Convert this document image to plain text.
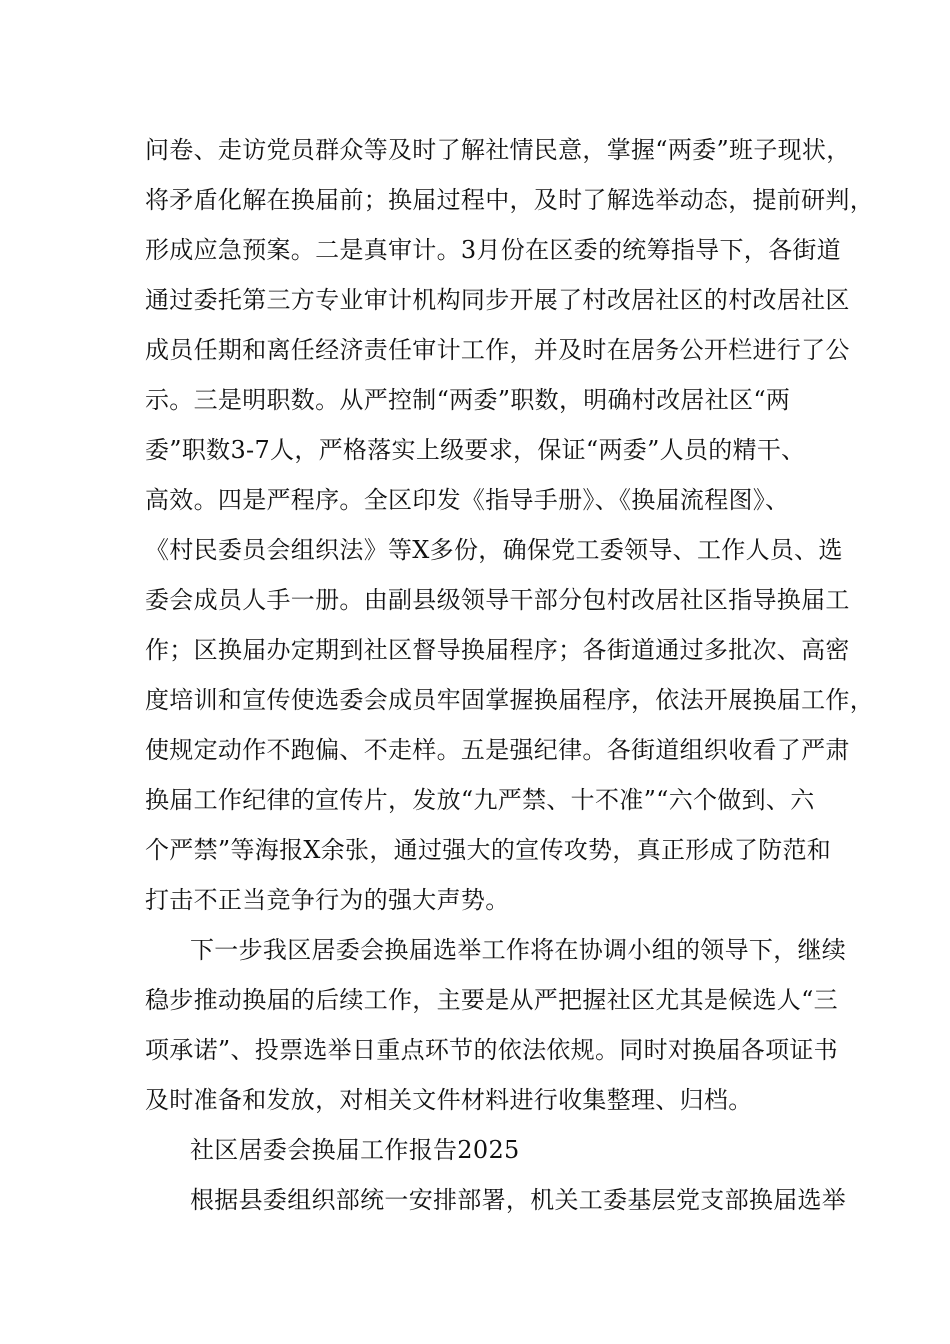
问卷、走访党员群众等及时了解社情民意，掌握“两委”班子现状，
将矛盾化解在换届前；换届过程中，及时了解选举动态，提前研判，
形成应急预案。二是真审计。3月份在区委的统筹指导下，各街道
通过委托第三方专业审计机构同步开展了村改居社区的村改居社区
成员任期和离任经济责任审计工作，并及时在居务公开栏进行了公
示。三是明职数。从严控制“两委”职数，明确村改居社区“两
委”职数3-7人，严格落实上级要求，保证“两委”人员的精干、
高效。四是严程序。全区印发《指导手册》、《换届流程图》、
《村民委员会组织法》等X多份，确保党工委领导、工作人员、选
委会成员人手一册。由副县级领导干部分包村改居社区指导换届工
作；区换届办定期到社区督导换届程序；各街道通过多批次、高密
度培训和宣传使选委会成员牢固掌握换届程序，依法开展换届工作，
使规定动作不跑偏、不走样。五是强纪律。各街道组织收看了严肃
换届工作纪律的宣传片，发放“九严禁、十不准”“六个做到、六
个严禁”等海报X余张，通过强大的宣传攻势，真正形成了防范和
打击不正当竞争行为的强大声势。
下一步我区居委会换届选举工作将在协调小组的领导下，继续
稳步推动换届的后续工作，主要是从严把握社区尤其是候选人“三
项承诺”、投票选举日重点环节的依法依规。同时对换届各项证书
及时准备和发放，对相关文件材料进行收集整理、归档。
社区居委会换届工作报告2025
根据县委组织部统一安排部署，机关工委基层党支部换届选举
